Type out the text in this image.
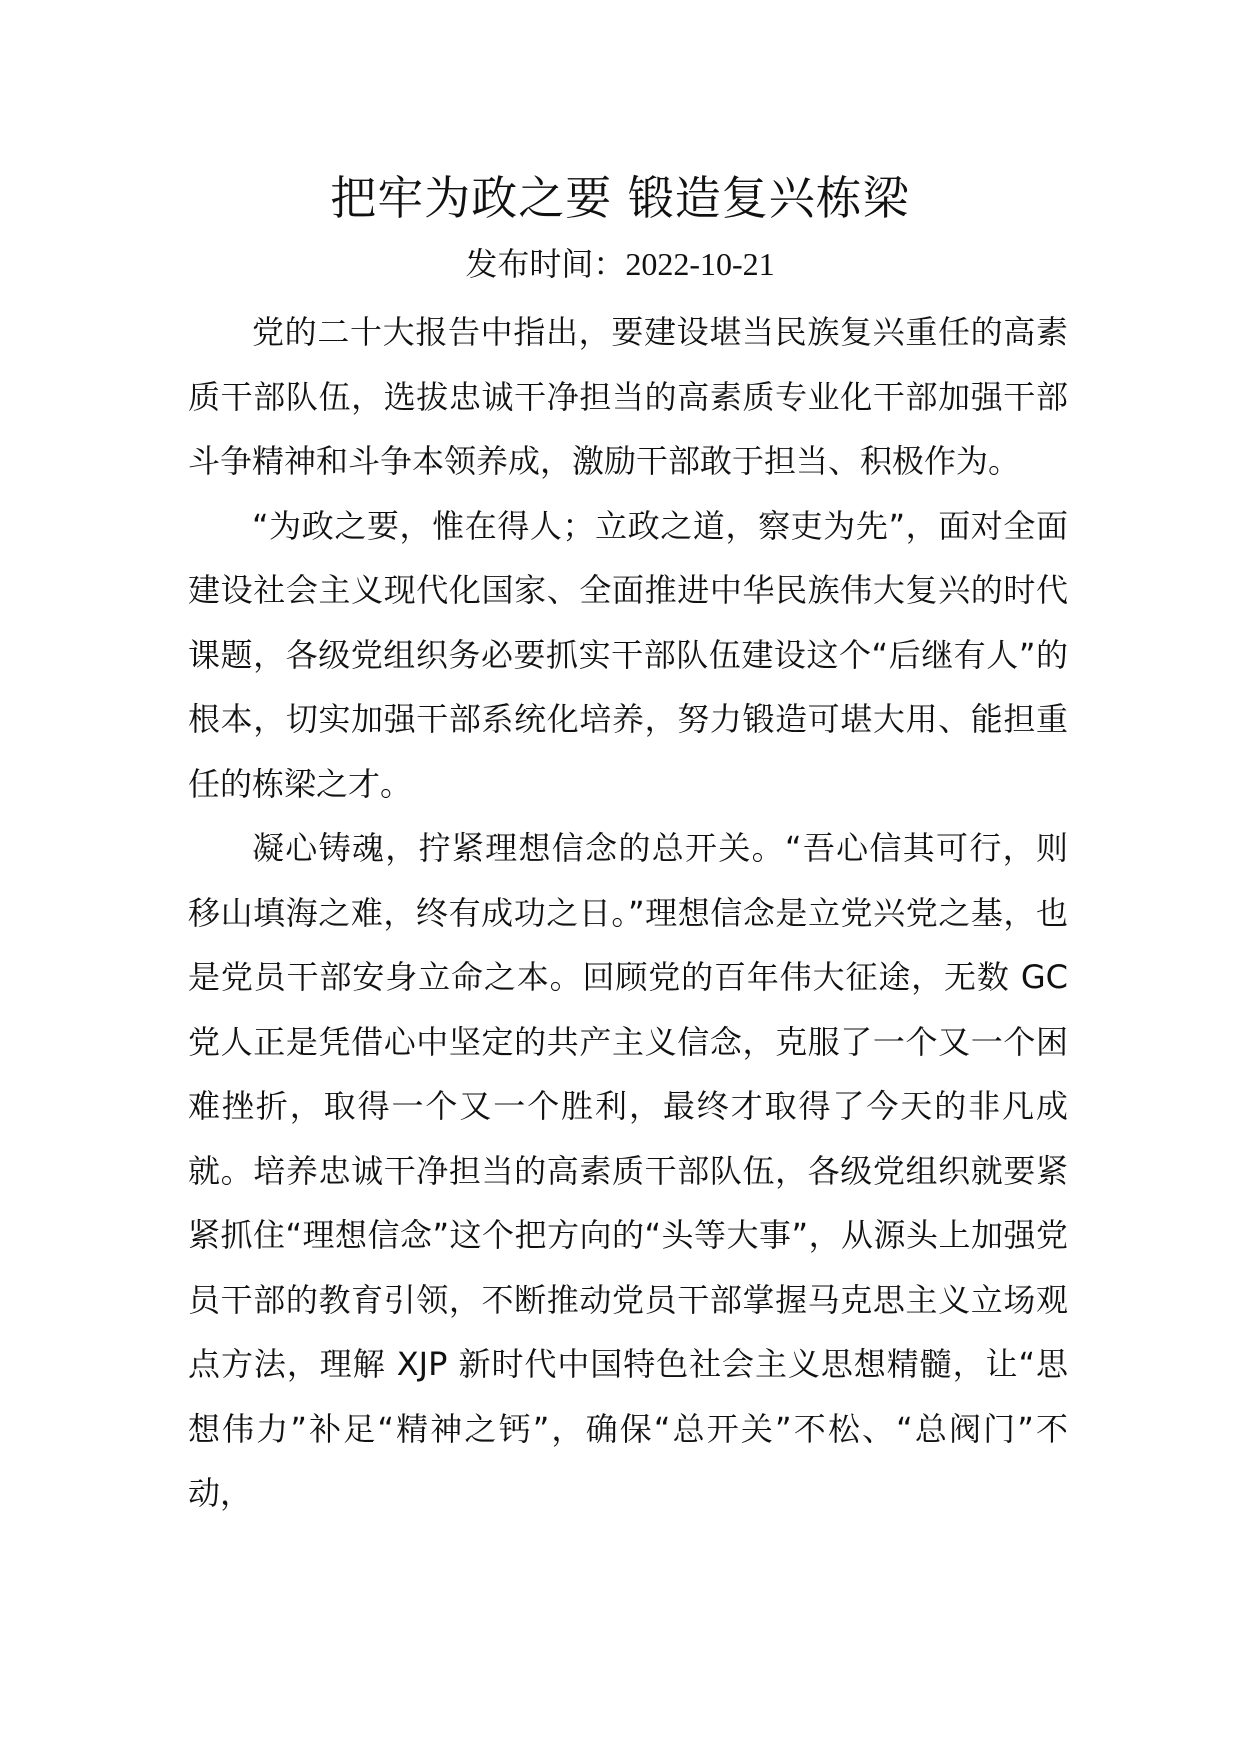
把牢为政之要 锻造复兴栋梁
发布时间：2022-10-21

党的二十大报告中指出，要建设堪当民族复兴重任的高素质干部队伍，选拔忠诚干净担当的高素质专业化干部加强干部斗争精神和斗争本领养成，激励干部敢于担当、积极作为。

“为政之要，惟在得人；立政之道，察吏为先”，面对全面建设社会主义现代化国家、全面推进中华民族伟大复兴的时代课题，各级党组织务必要抓实干部队伍建设这个“后继有人”的根本，切实加强干部系统化培养，努力锻造可堪大用、能担重任的栋梁之才。

凝心铸魂，拧紧理想信念的总开关。“吾心信其可行，则移山填海之难，终有成功之日。”理想信念是立党兴党之基，也是党员干部安身立命之本。回顾党的百年伟大征途，无数 GC 党人正是凭借心中坚定的共产主义信念，克服了一个又一个困难挫折，取得一个又一个胜利，最终才取得了今天的非凡成就。培养忠诚干净担当的高素质干部队伍，各级党组织就要紧紧抓住“理想信念”这个把方向的“头等大事”，从源头上加强党员干部的教育引领，不断推动党员干部掌握马克思主义立场观点方法，理解 XJP 新时代中国特色社会主义思想精髓，让“思想伟力”补足“精神之钙”，确保“总开关”不松、“总阀门”不动，
